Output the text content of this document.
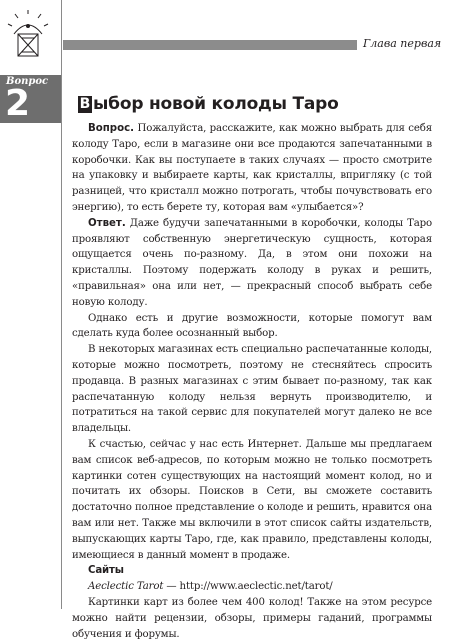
Глава первая
Вопрос
2	В ыбор новой колоды Таро

Вопрос. Пожалуйста, расскажите, как можно выбрать для себя колоду Таро, если в магазине они все продаются запечатанными в коробочки. Как вы поступаете в таких случаях — просто смотрите на упаковку и выбираете карты, как кристаллы, впригляку (с той разницей, что кристалл можно потрогать, чтобы почувствовать его энергию), то есть берете ту, которая вам «улыбается»?

Ответ. Даже будучи запечатанными в коробочки, колоды Таро проявляют собственную энергетическую сущность, которая ощущается очень по-разному. Да, в этом они похожи на кристаллы. Поэтому подержать колоду в руках и решить, «правильная» она или нет, — прекрасный способ выбрать себе новую колоду.

Однако есть и другие возможности, которые помогут вам сделать куда более осознанный выбор.

В некоторых магазинах есть специально распечатанные колоды, которые можно посмотреть, поэтому не стесняйтесь спросить продавца. В разных магазинах с этим бывает по-разному, так как распечатанную колоду нельзя вернуть производителю, и потратиться на такой сервис для покупателей могут далеко не все владельцы.

К счастью, сейчас у нас есть Интернет. Дальше мы предлагаем вам список веб-адресов, по которым можно не только посмотреть картинки сотен существующих на настоящий момент колод, но и почитать их обзоры. Поисков в Сети, вы сможете составить достаточно полное представление о колоде и решить, нравится она вам или нет. Также мы включили в этот список сайты издательств, выпускающих карты Таро, где, как правило, представлены колоды, имеющиеся в данный момент в продаже.

Сайты

Aeclectic Tarot — http://www.aeclectic.net/tarot/

Картинки карт из более чем 400 колод! Также на этом ресурсе можно найти рецензии, обзоры, примеры гаданий, программы обучения и форумы.
